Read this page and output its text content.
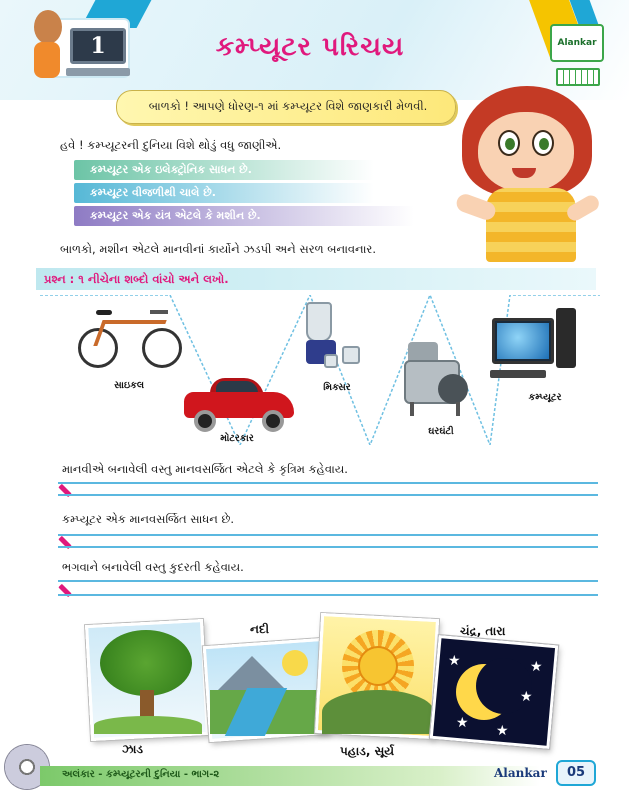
1	કમ્પ્યૂટર પરિચય	Alankar
બાળકો ! આપણે ધોરણ-૧ માં કમ્પ્યૂટર વિશે જાણકારી મેળવી.
હવે ! કમ્પ્યૂટરની દુનિયા વિશે થોડું વધુ જાણીએ.
કમ્પ્યૂટર એક ઇલેક્ટ્રોનિક સાધન છે.
કમ્પ્યૂટર વીજળીથી ચાલે છે.
કમ્પ્યૂટર એક યંત્ર એટલે કે મશીન છે.
બાળકો, મશીન એટલે માનવીનાં કાર્યોને ઝડપી અને સરળ બનાવનાર.
પ્રશ્ન : ૧ નીચેના શબ્દો વાંચો અને લખો.
સાઇકલ
મોટરકાર
મિક્સર
ઘરઘંટી
કમ્પ્યૂટર
માનવીએ બનાવેલી વસ્તુ માનવસર્જિત એટલે કે કૃત્રિમ કહેવાય.
કમ્પ્યૂટર એક માનવસર્જિત સાધન છે.
ભગવાને બનાવેલી વસ્તુ કુદરતી કહેવાય.
ઝાડ
નદી
પહાડ, સૂર્ય
★	★
★
★ ★
ચંદ્ર, તારા
અલંકાર - કમ્પ્યૂટરની દુનિયા - ભાગ-૨	Alankar	05
